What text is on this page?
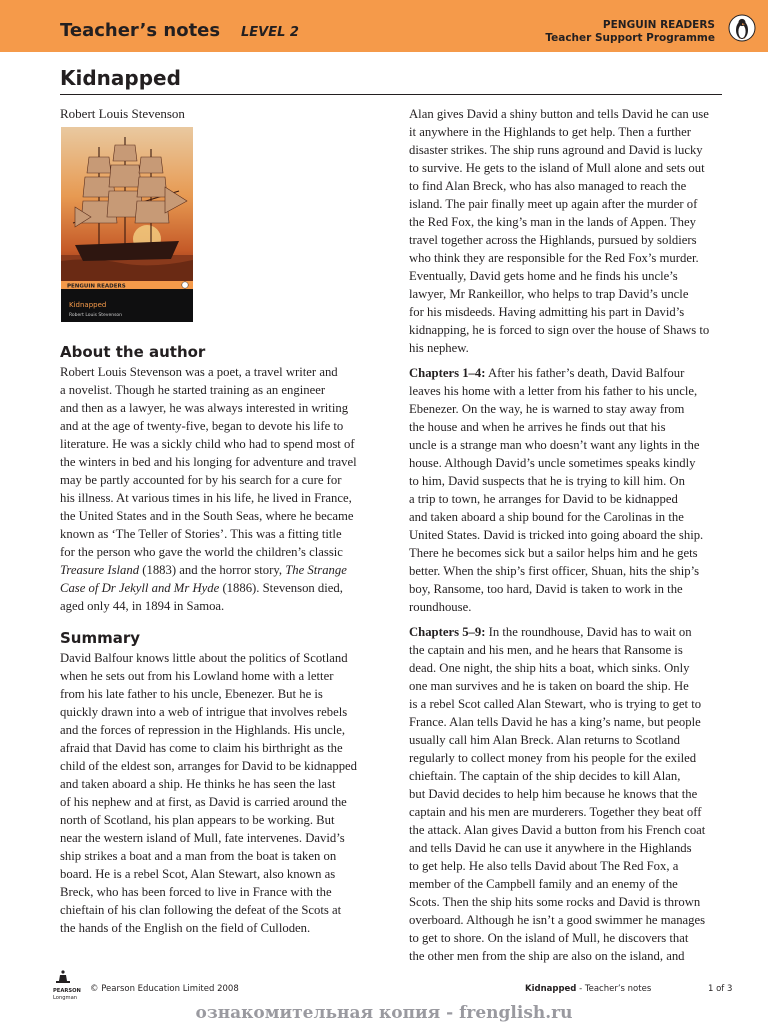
Teacher’s notes LEVEL 2	PENGUIN READERS
Teacher Support Programme
Kidnapped
Robert Louis Stevenson
PENGUIN READERS
Kidnapped
Robert Louis Stevenson
About the author
Robert Louis Stevenson was a poet, a travel writer and
a novelist. Though he started training as an engineer
and then as a lawyer, he was always interested in writing
and at the age of twenty-five, began to devote his life to
literature. He was a sickly child who had to spend most of
the winters in bed and his longing for adventure and travel
may be partly accounted for by his search for a cure for
his illness. At various times in his life, he lived in France,
the United States and in the South Seas, where he became
known as ‘The Teller of Stories’. This was a fitting title
for the person who gave the world the children’s classic
Treasure Island (1883) and the horror story, The Strange
Case of Dr Jekyll and Mr Hyde (1886). Stevenson died,
aged only 44, in 1894 in Samoa.
Summary
David Balfour knows little about the politics of Scotland
when he sets out from his Lowland home with a letter
from his late father to his uncle, Ebenezer. But he is
quickly drawn into a web of intrigue that involves rebels
and the forces of repression in the Highlands. His uncle,
afraid that David has come to claim his birthright as the
child of the eldest son, arranges for David to be kidnapped
and taken aboard a ship. He thinks he has seen the last
of his nephew and at first, as David is carried around the
north of Scotland, his plan appears to be working. But
near the western island of Mull, fate intervenes. David’s
ship strikes a boat and a man from the boat is taken on
board. He is a rebel Scot, Alan Stewart, also known as
Breck, who has been forced to live in France with the
chieftain of his clan following the defeat of the Scots at
the hands of the English on the field of Culloden.
Alan gives David a shiny button and tells David he can use
it anywhere in the Highlands to get help. Then a further
disaster strikes. The ship runs aground and David is lucky
to survive. He gets to the island of Mull alone and sets out
to find Alan Breck, who has also managed to reach the
island. The pair finally meet up again after the murder of
the Red Fox, the king’s man in the lands of Appen. They
travel together across the Highlands, pursued by soldiers
who think they are responsible for the Red Fox’s murder.
Eventually, David gets home and he finds his uncle’s
lawyer, Mr Rankeillor, who helps to trap David’s uncle
for his misdeeds. Having admitting his part in David’s
kidnapping, he is forced to sign over the house of Shaws to
his nephew.
Chapters 1–4: After his father’s death, David Balfour
leaves his home with a letter from his father to his uncle,
Ebenezer. On the way, he is warned to stay away from
the house and when he arrives he finds out that his
uncle is a strange man who doesn’t want any lights in the
house. Although David’s uncle sometimes speaks kindly
to him, David suspects that he is trying to kill him. On
a trip to town, he arranges for David to be kidnapped
and taken aboard a ship bound for the Carolinas in the
United States. David is tricked into going aboard the ship.
There he becomes sick but a sailor helps him and he gets
better. When the ship’s first officer, Shuan, hits the ship’s
boy, Ransome, too hard, David is taken to work in the
roundhouse.
Chapters 5–9: In the roundhouse, David has to wait on
the captain and his men, and he hears that Ransome is
dead. One night, the ship hits a boat, which sinks. Only
one man survives and he is taken on board the ship. He
is a rebel Scot called Alan Stewart, who is trying to get to
France. Alan tells David he has a king’s name, but people
usually call him Alan Breck. Alan returns to Scotland
regularly to collect money from his people for the exiled
chieftain. The captain of the ship decides to kill Alan,
but David decides to help him because he knows that the
captain and his men are murderers. Together they beat off
the attack. Alan gives David a button from his French coat
and tells David he can use it anywhere in the Highlands
to get help. He also tells David about The Red Fox, a
member of the Campbell family and an enemy of the
Scots. Then the ship hits some rocks and David is thrown
overboard. Although he isn’t a good swimmer he manages
to get to shore. On the island of Mull, he discovers that
the other men from the ship are also on the island, and
PEARSON
Longman
© Pearson Education Limited 2008	Kidnapped - Teacher’s notes	1 of 3
ознакомительная копия - frenglish.ru
